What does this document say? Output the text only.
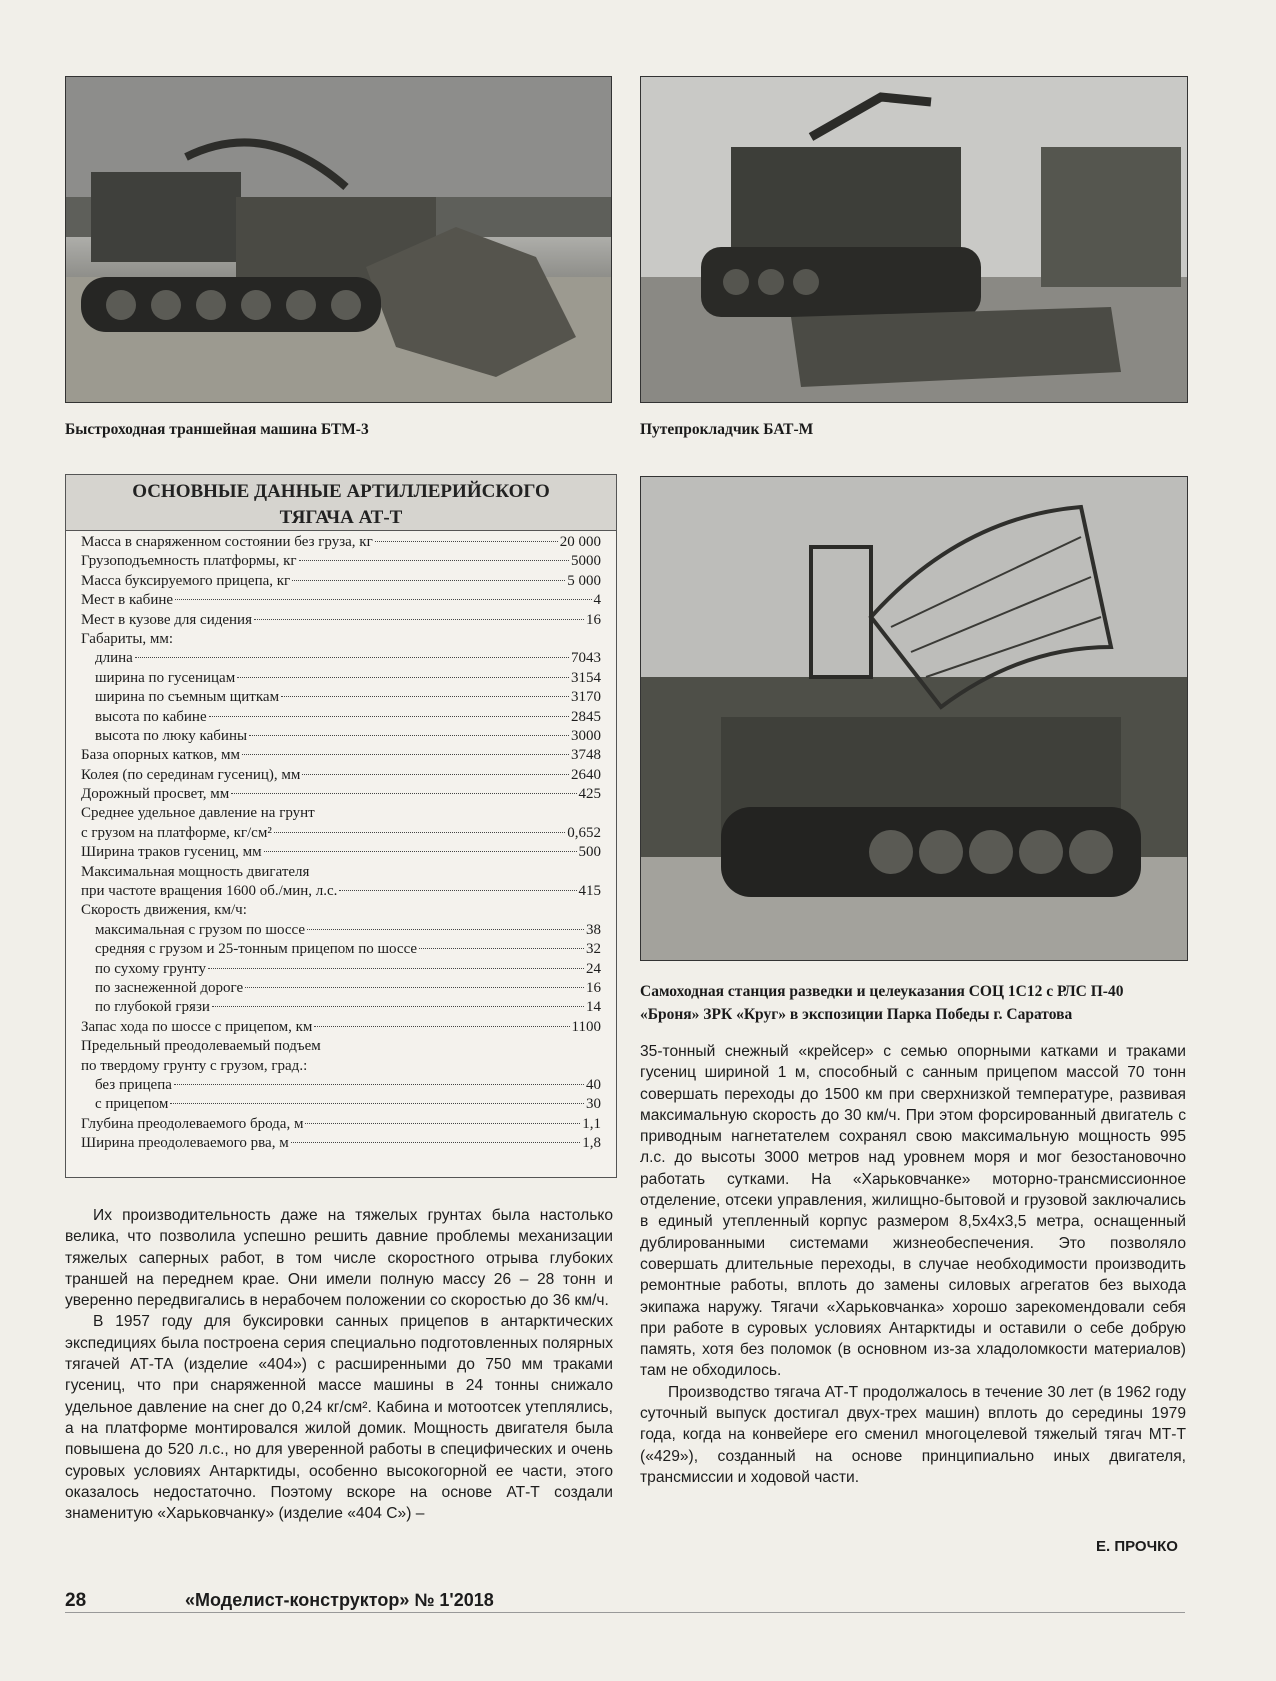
Быстроходная траншейная машина БТМ-3	Путепрокладчик БАТ-М
ОСНОВНЫЕ ДАННЫЕ АРТИЛЛЕРИЙСКОГО
ТЯГАЧА АТ-Т
Масса в снаряженном состоянии без груза, кг	20 000
Грузоподъемность платформы, кг	5000
Масса буксируемого прицепа, кг	5 000
Мест в кабине	4
Мест в кузове для сидения	16
Габариты, мм:
длина	7043
ширина по гусеницам	3154
ширина по съемным щиткам	3170
высота по кабине	2845
высота по люку кабины	3000
База опорных катков, мм	3748
Колея (по серединам гусениц), мм	2640
Дорожный просвет, мм	425
Среднее удельное давление на грунт
с грузом на платформе, кг/см²	0,652
Ширина траков гусениц, мм	500
Максимальная мощность двигателя
при частоте вращения 1600 об./мин, л.с.	415
Скорость движения, км/ч:
максимальная с грузом по шоссе	38
средняя с грузом и 25-тонным прицепом по шоссе	32
по сухому грунту	24
по заснеженной дороге	16
по глубокой грязи	14
Запас хода по шоссе с прицепом, км	1100
Предельный преодолеваемый подъем
по твердому грунту с грузом, град.:
без прицепа	40
с прицепом	30
Глубина преодолеваемого брода, м	1,1
Ширина преодолеваемого рва, м	1,8
Самоходная станция разведки и целеуказания СОЦ 1С12 с РЛС П-40
«Броня» ЗРК «Круг» в экспозиции Парка Победы г. Саратова

Их производительность даже на тяжелых грунтах была настолько велика, что позволила успешно решить давние проблемы механизации тяжелых саперных работ, в том числе скоростного отрыва глубоких траншей на переднем крае. Они имели полную массу 26 – 28 тонн и уверенно передвигались в нерабочем положении со скоростью до 36 км/ч.

В 1957 году для буксировки санных прицепов в антарктических экспедициях была построена серия специально подготовленных полярных тягачей АТ-ТА (изделие «404») с расширенными до 750 мм траками гусениц, что при снаряженной массе машины в 24 тонны снижало удельное давление на снег до 0,24 кг/см². Кабина и мотоотсек утеплялись, а на платформе монтировался жилой домик. Мощность двигателя была повышена до 520 л.с., но для уверенной работы в специфических и очень суровых условиях Антарктиды, особенно высокогорной ее части, этого оказалось недостаточно. Поэтому вскоре на основе АТ-Т создали знаменитую «Харьковчанку» (изделие «404 С») –

35-тонный снежный «крейсер» с семью опорными катками и траками гусениц шириной 1 м, способный с санным прицепом массой 70 тонн совершать переходы до 1500 км при сверхнизкой температуре, развивая максимальную скорость до 30 км/ч. При этом форсированный двигатель с приводным нагнетателем сохранял свою максимальную мощность 995 л.с. до высоты 3000 метров над уровнем моря и мог безостановочно работать сутками. На «Харьковчанке» моторно-трансмиссионное отделение, отсеки управления, жилищно-бытовой и грузовой заключались в единый утепленный корпус размером 8,5х4х3,5 метра, оснащенный дублированными системами жизнеобеспечения. Это позволяло совершать длительные переходы, в случае необходимости производить ремонтные работы, вплоть до замены силовых агрегатов без выхода экипажа наружу. Тягачи «Харьковчанка» хорошо зарекомендовали себя при работе в суровых условиях Антарктиды и оставили о себе добрую память, хотя без поломок (в основном из-за хладоломкости материалов) там не обходилось.

Производство тягача АТ-Т продолжалось в течение 30 лет (в 1962 году суточный выпуск достигал двух-трех машин) вплоть до середины 1979 года, когда на конвейере его сменил многоцелевой тяжелый тягач МТ-Т («429»), созданный на основе принципиально иных двигателя, трансмиссии и ходовой части.

Е. ПРОЧКО
28	«Моделист-конструктор» № 1'2018
